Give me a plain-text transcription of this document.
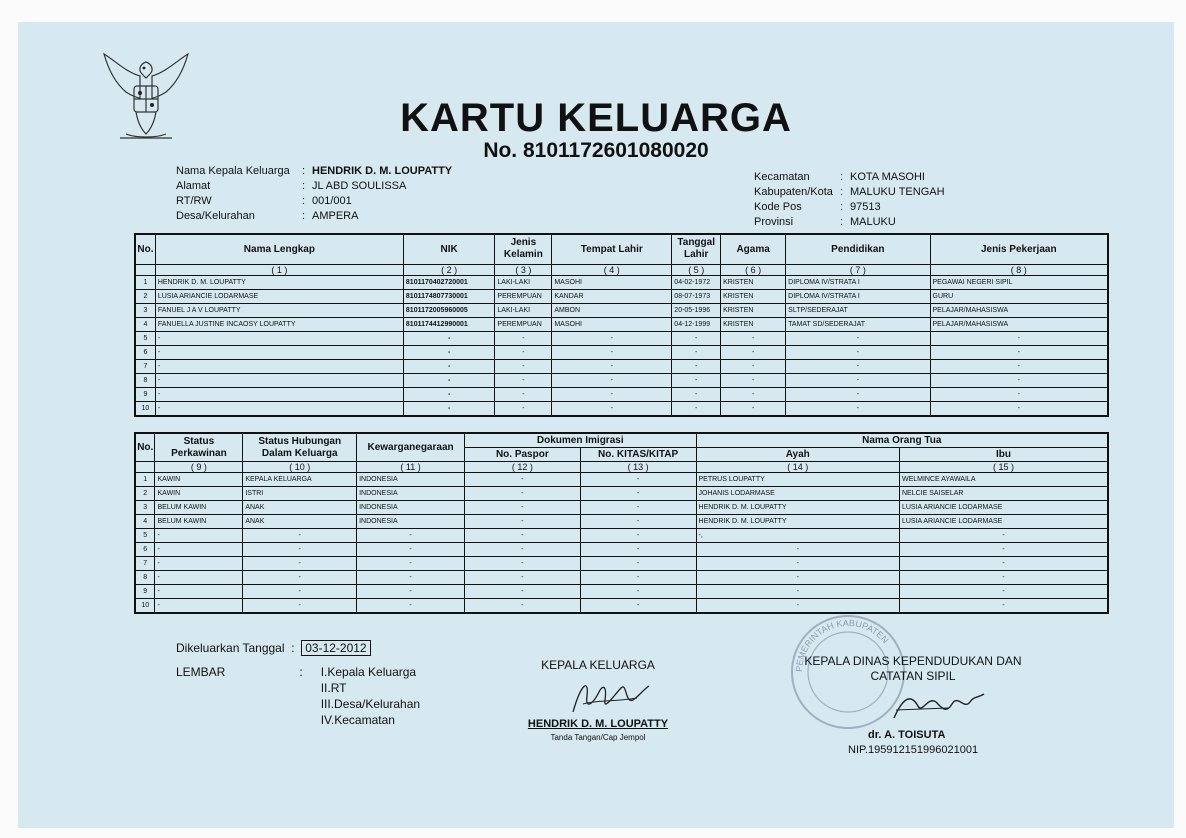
KARTU KELUARGA
No. 8101172601080020
Nama Kepala Keluarga	: HENDRIK D. M. LOUPATTY
Alamat	: JL ABD SOULISSA
RT/RW	: 001/001
Desa/Kelurahan	: AMPERA
Kecamatan	: KOTA MASOHI
Kabupaten/Kota : MALUKU TENGAH
Kode Pos	: 97513
Provinsi	: MALUKU
No.	Nama Lengkap	NIK	Jenis Kelamin	Tempat Lahir	Tanggal Lahir	Agama	Pendidikan	Jenis Pekerjaan
	( 1 )	( 2 )	( 3 )	( 4 )	( 5 )	( 6 )	( 7 )	( 8 )
1	HENDRIK D. M. LOUPATTY	8101170402720001	LAKI-LAKI	MASOHI	04-02-1972	KRISTEN	DIPLOMA IV/STRATA I	PEGAWAI NEGERI SIPIL
2	LUSIA ARIANCIE LODARMASE	8101174807730001	PEREMPUAN	KANDAR	08-07-1973	KRISTEN	DIPLOMA IV/STRATA I	GURU
3	FANUEL J A V LOUPATTY	8101172005960005	LAKI-LAKI	AMBON	20-05-1996	KRISTEN	SLTP/SEDERAJAT	PELAJAR/MAHASISWA
4	FANUELLA JUSTINE INCAOSY LOUPATTY	8101174412990001	PEREMPUAN	MASOHI	04-12-1999	KRISTEN	TAMAT SD/SEDERAJAT	PELAJAR/MAHASISWA
5	-	-	-	-	-	-	-	-
6	-	-	-	-	-	-	-	-
7	-	-	-	-	-	-	-	-
8	-	-	-	-	-	-	-	-
9	-	-	-	-	-	-	-	-
10	-	-	-	-	-	-	-	-
No.	Status Perkawinan	Status Hubungan Dalam Keluarga	Kewarganegaraan	Dokumen Imigrasi		Nama Orang Tua	
				No. Paspor	No. KITAS/KITAP	Ayah	Ibu
	( 9 )	( 10 )	( 11 )	( 12 )	( 13 )	( 14 )	( 15 )
1	KAWIN	KEPALA KELUARGA	INDONESIA	-	-	PETRUS LOUPATTY	WELMINCE AYAWAILA
2	KAWIN	ISTRI	INDONESIA	-	-	JOHANIS LODARMASE	NELCIE SAISELAR
3	BELUM KAWIN	ANAK	INDONESIA	-	-	HENDRIK D. M. LOUPATTY	LUSIA ARIANCIE LODARMASE
4	BELUM KAWIN	ANAK	INDONESIA	-	-	HENDRIK D. M. LOUPATTY	LUSIA ARIANCIE LODARMASE
5	-	-	-	-	-	-,	-
6	-	-	-	-	-	-	-
7	-	-	-	-	-	-	-
8	-	-	-	-	-	-	-
9	-	-	-	-	-	-	-
10	-	-	-	-	-	-	-
Dikeluarkan Tanggal  :  03-12-2012
LEMBAR	: I.Kepala Keluarga
II.RT
III.Desa/Kelurahan
IV.Kecamatan
KEPALA KELUARGA
HENDRIK D. M. LOUPATTY
Tanda Tangan/Cap Jempol
PEMERINTAH KABUPATEN
KEPALA DINAS KEPENDUDUKAN DAN
CATATAN SIPIL
dr. A. TOISUTA
NIP.195912151996021001
